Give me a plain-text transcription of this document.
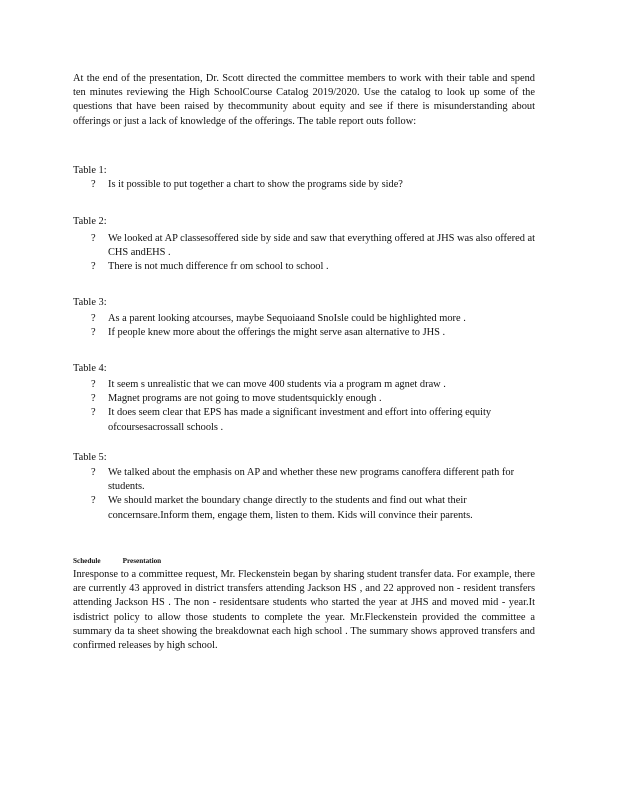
At the end of the presentation, Dr. Scott directed the committee members to work with their table and spend ten minutes reviewing the High SchoolCourse Catalog 2019/2020. Use the catalog to look up some of the questions that have been raised by thecommunity about equity and see if there is misunderstanding about offerings or just a lack of knowledge of the offerings. The table report outs follow:

Table 1:
? Is it possible to put together a chart to show the programs side by side?
Table 2:
? We looked at AP classesoffered side by side and saw that everything offered at JHS was also offered at CHS andEHS .
? There is not much difference fr om school to school .
Table 3:
? As a parent looking atcourses, maybe Sequoiaand SnoIsle could be highlighted more .
? If people knew more about the offerings the might serve asan alternative to JHS .
Table 4:
? It seem s unrealistic that we can move 400 students via a program m agnet draw .
? Magnet programs are not going to move studentsquickly enough .
? It does seem clear that EPS has made a significant investment and effort into offering equity ofcoursesacrossall schools .
Table 5:
? We talked about the emphasis on AP and whether these new programs canoffera different path for students.
? We should market the boundary change directly to the students and find out what their concernsare.Inform them, engage them, listen to them. Kids will convince their parents.
Schedule	Presentation

Inresponse to a committee request, Mr. Fleckenstein began by sharing student transfer data. For example, there are currently 43 approved in district transfers attending Jackson HS , and 22 approved non - resident transfers attending Jackson HS . The non - residentsare students who started the year at JHS and moved mid - year.It isdistrict policy to allow those students to complete the year. Mr.Fleckenstein provided the committee a summary da ta sheet showing the breakdownat each high school . The summary shows approved transfers and confirmed releases by high school.
